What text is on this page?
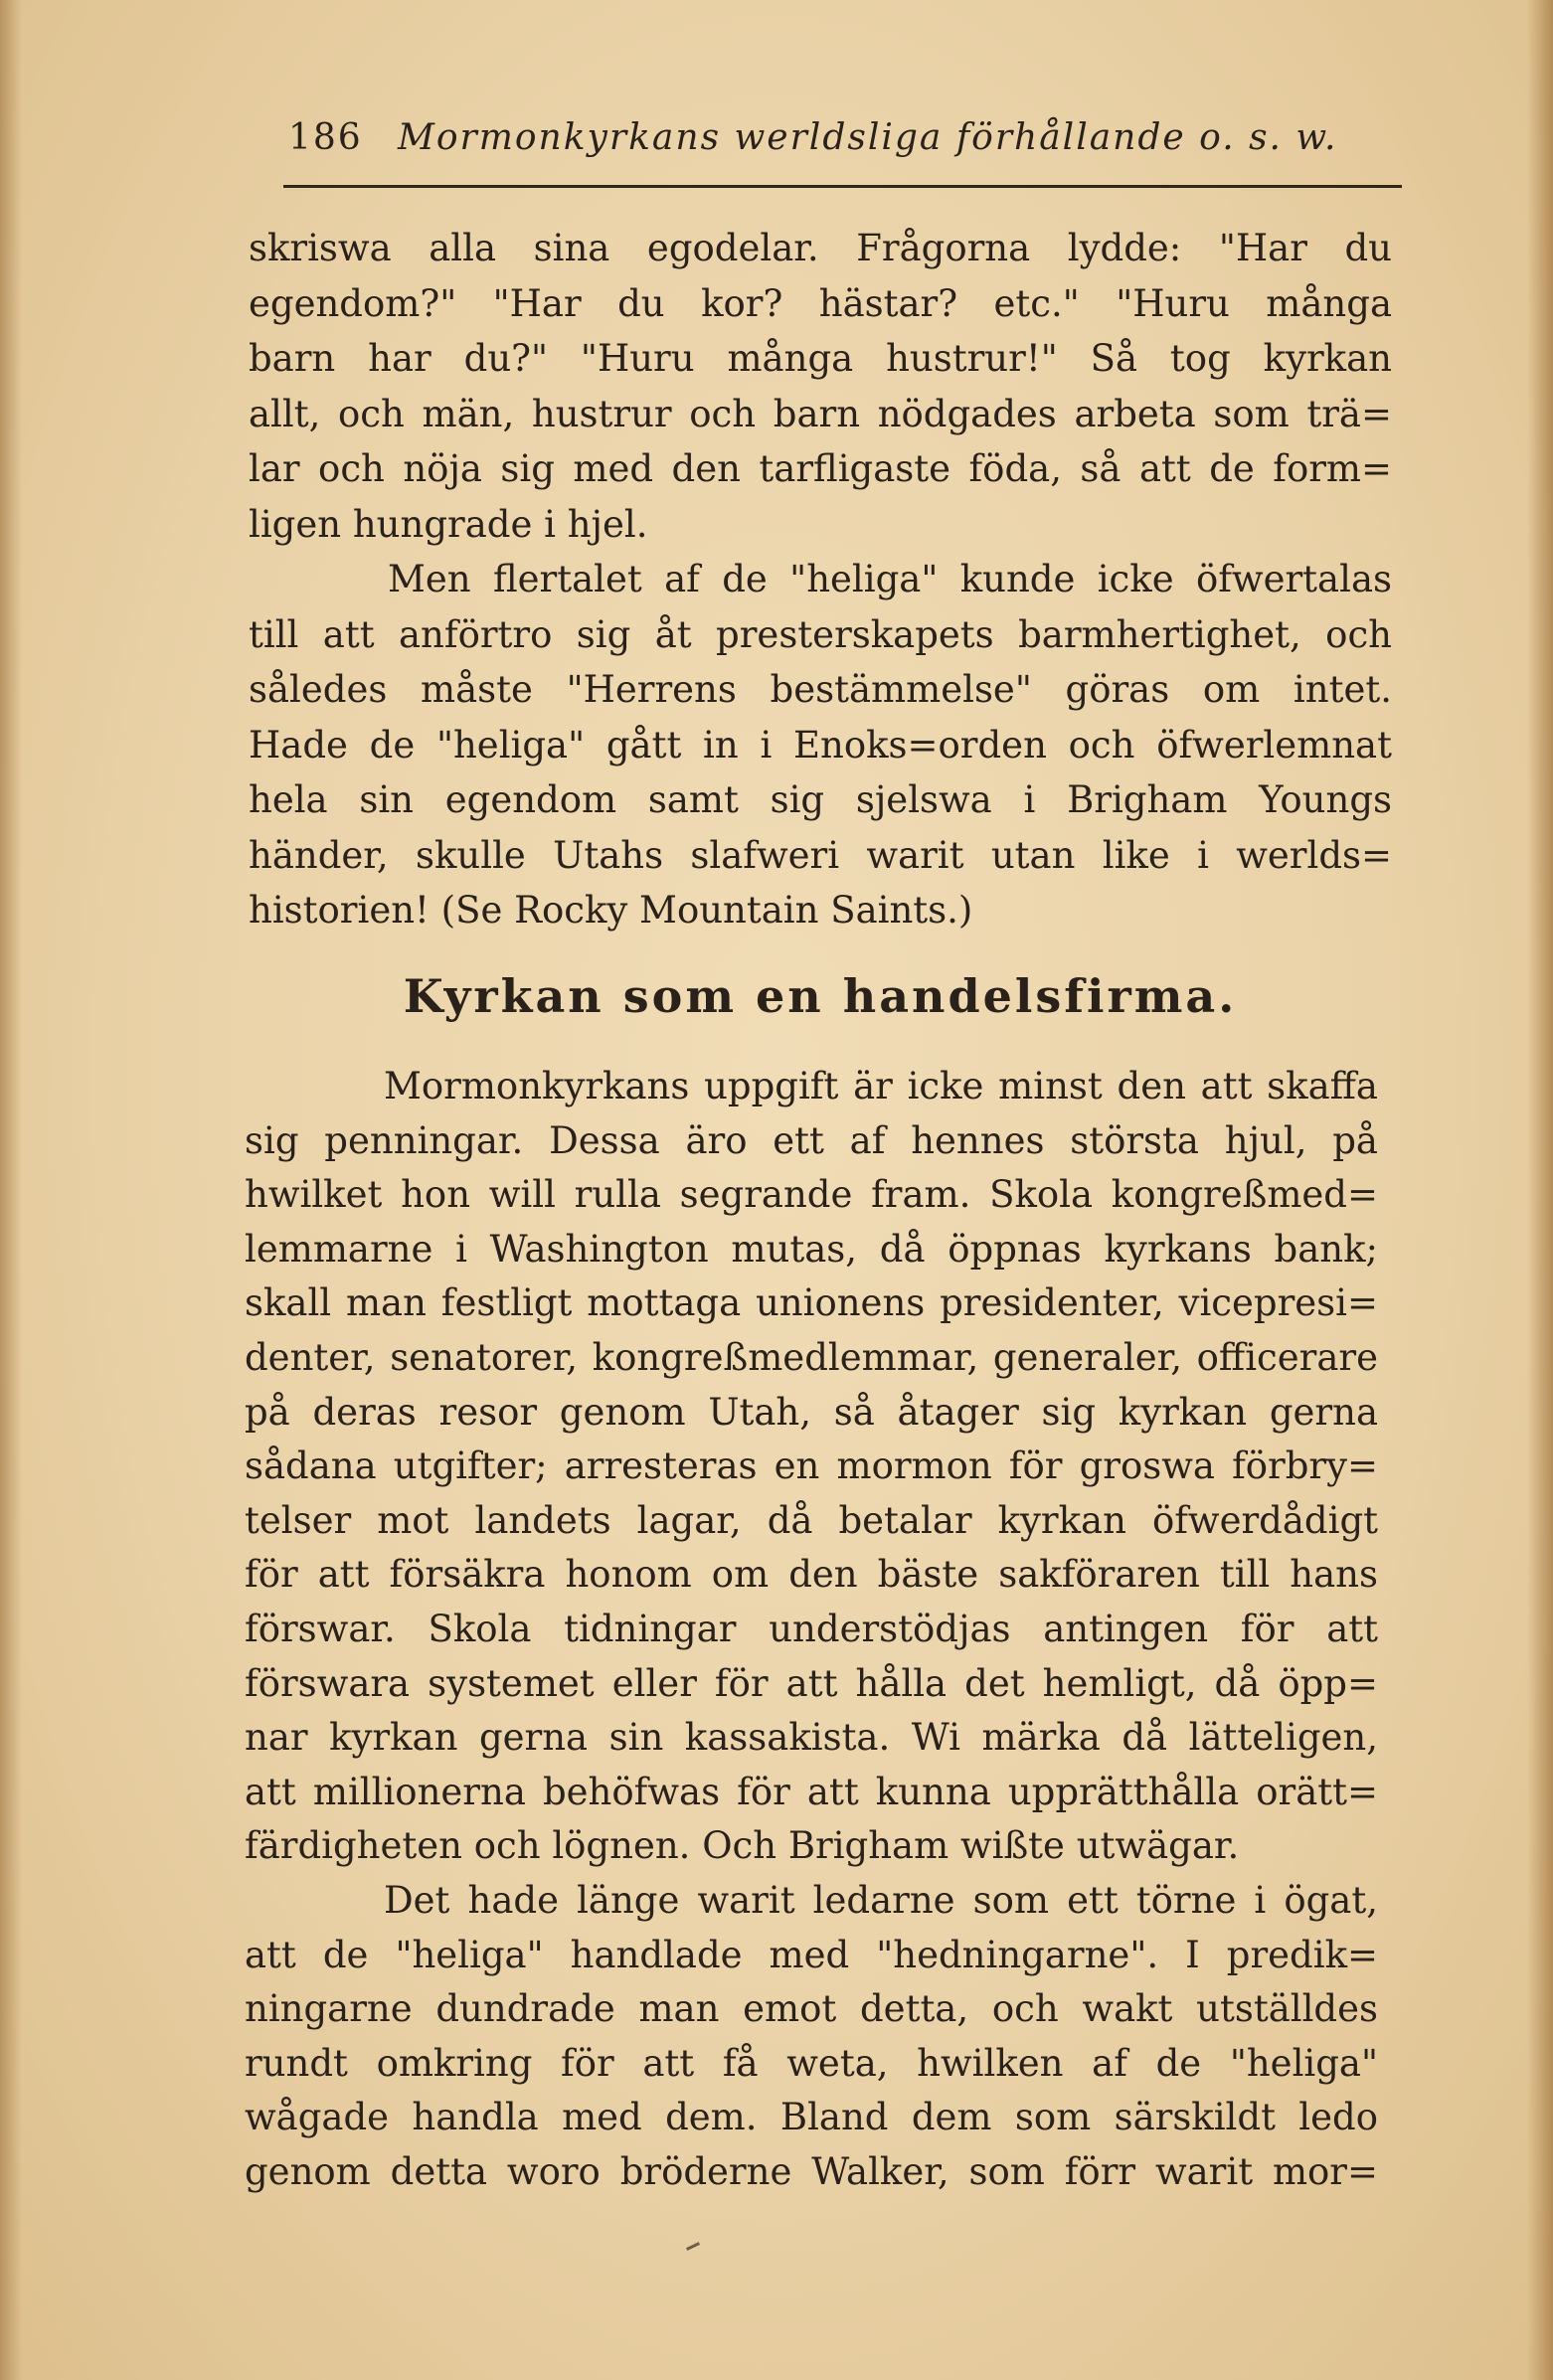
186 Mormonkyrkans werldsliga förhållande o. s. w.

skriswa alla sina egodelar. Frågorna lydde: "Har du
egendom?" "Har du kor? hästar? etc." "Huru många
barn har du?" "Huru många hustrur!" Så tog kyrkan
allt, och män, hustrur och barn nödgades arbeta som trä=
lar och nöja sig med den tarfligaste föda, så att de form=
ligen hungrade i hjel.

Men flertalet af de "heliga" kunde icke öfwertalas
till att anförtro sig åt presterskapets barmhertighet, och
således måste "Herrens bestämmelse" göras om intet.
Hade de "heliga" gått in i Enoks=orden och öfwerlemnat
hela sin egendom samt sig sjelswa i Brigham Youngs
händer, skulle Utahs slafweri warit utan like i werlds=
historien! (Se Rocky Mountain Saints.)

Kyrkan som en handelsfirma.

Mormonkyrkans uppgift är icke minst den att skaffa
sig penningar. Dessa äro ett af hennes största hjul, på
hwilket hon will rulla segrande fram. Skola kongreßmed=
lemmarne i Washington mutas, då öppnas kyrkans bank;
skall man festligt mottaga unionens presidenter, vicepresi=
denter, senatorer, kongreßmedlemmar, generaler, officerare
på deras resor genom Utah, så åtager sig kyrkan gerna
sådana utgifter; arresteras en mormon för groswa förbry=
telser mot landets lagar, då betalar kyrkan öfwerdådigt
för att försäkra honom om den bäste sakföraren till hans
förswar. Skola tidningar understödjas antingen för att
förswara systemet eller för att hålla det hemligt, då öpp=
nar kyrkan gerna sin kassakista. Wi märka då lätteligen,
att millionerna behöfwas för att kunna upprätthålla orätt=
färdigheten och lögnen. Och Brigham wißte utwägar.

Det hade länge warit ledarne som ett törne i ögat,
att de "heliga" handlade med "hedningarne". I predik=
ningarne dundrade man emot detta, och wakt utställdes
rundt omkring för att få weta, hwilken af de "heliga"
wågade handla med dem. Bland dem som särskildt ledo
genom detta woro bröderne Walker, som förr warit mor=
